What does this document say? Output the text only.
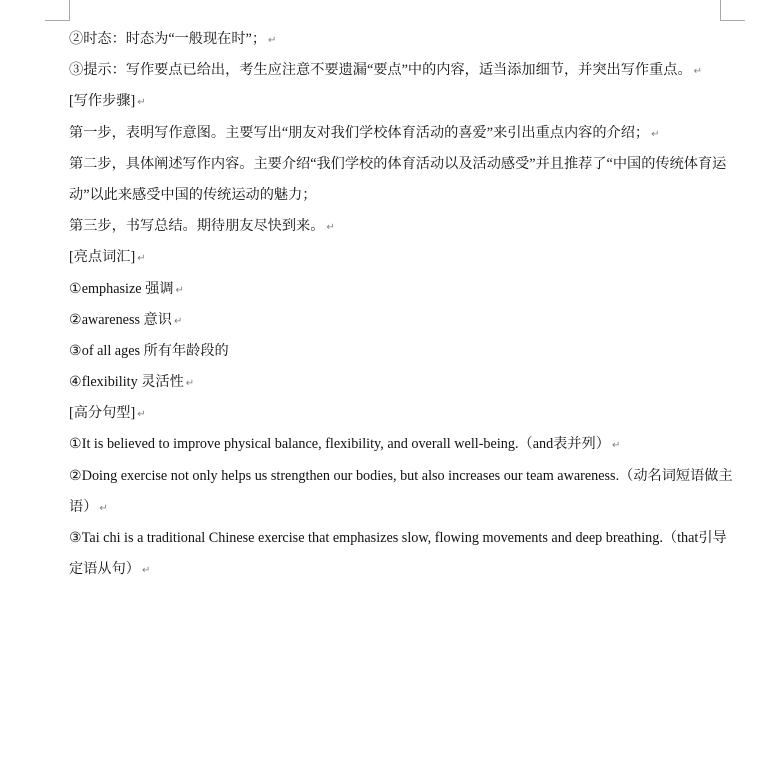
②时态：时态为“一般现在时”； ↵
③提示：写作要点已给出，考生应注意不要遗漏“要点”中的内容，适当添加细节，并突出写作重点。 ↵
[写作步骤] ↵
第一步，表明写作意图。主要写出“朋友对我们学校体育活动的喜爱”来引出重点内容的介绍； ↵
第二步，具体阐述写作内容。主要介绍“我们学校的体育活动以及活动感受”并且推荐了“中国的传统体育运
动”以此来感受中国的传统运动的魅力；
第三步，书写总结。期待朋友尽快到来。 ↵
[亮点词汇] ↵
①emphasize 强调 ↵
②awareness 意识 ↵
③of all ages 所有年龄段的
④flexibility 灵活性 ↵
[高分句型] ↵
①It is believed to improve physical balance, flexibility, and overall well-being.（and表并列） ↵
②Doing exercise not only helps us strengthen our bodies, but also increases our team awareness.（动名词短语做主
语） ↵
③Tai chi is a traditional Chinese exercise that emphasizes slow, flowing movements and deep breathing.（that引导
定语从句） ↵
